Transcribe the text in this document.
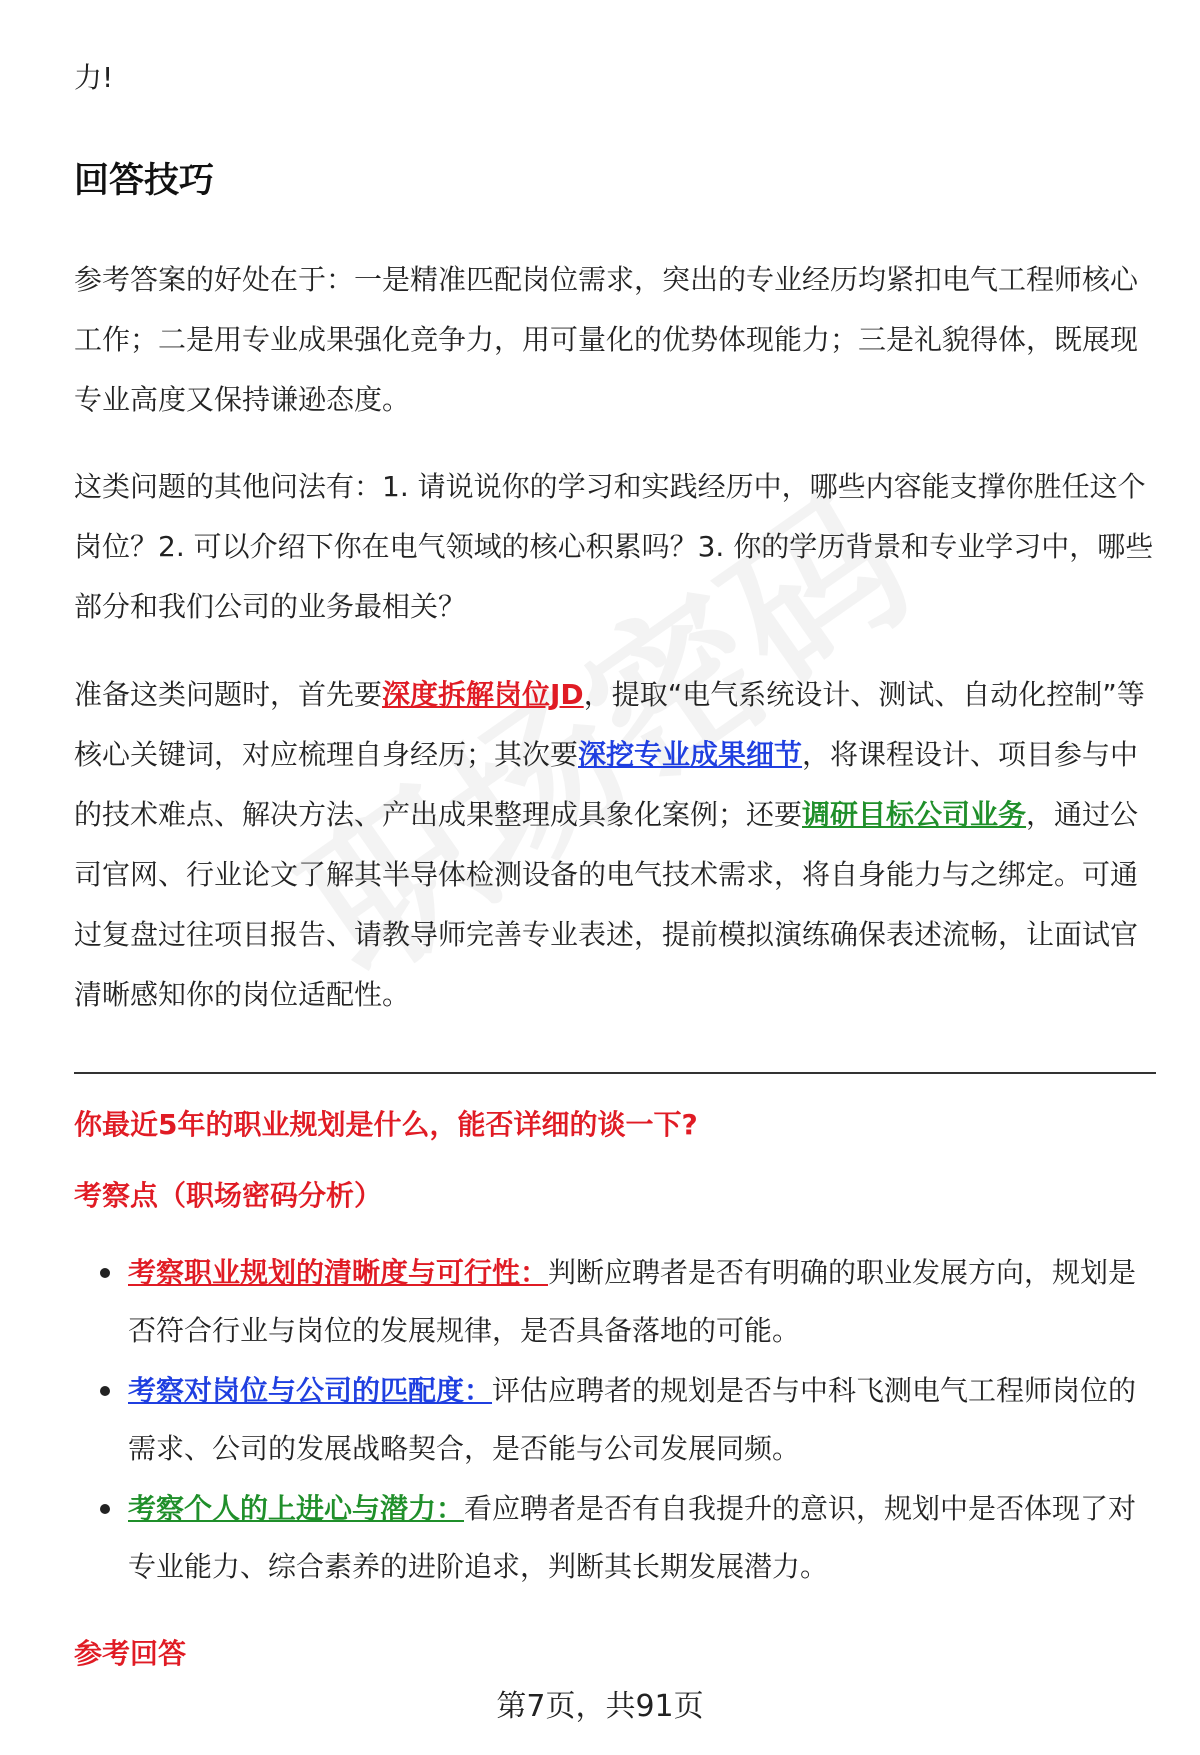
力!
回答技巧

参考答案的好处在于：一是精准匹配岗位需求，突出的专业经历均紧扣电气工程师核心工作；二是用专业成果强化竞争力，用可量化的优势体现能力；三是礼貌得体，既展现专业高度又保持谦逊态度。

这类问题的其他问法有：1. 请说说你的学习和实践经历中，哪些内容能支撑你胜任这个岗位？2. 可以介绍下你在电气领域的核心积累吗？3. 你的学历背景和专业学习中，哪些部分和我们公司的业务最相关？

准备这类问题时，首先要深度拆解岗位JD，提取“电气系统设计、测试、自动化控制”等核心关键词，对应梳理自身经历；其次要深挖专业成果细节，将课程设计、项目参与中的技术难点、解决方法、产出成果整理成具象化案例；还要调研目标公司业务，通过公司官网、行业论文了解其半导体检测设备的电气技术需求，将自身能力与之绑定。可通过复盘过往项目报告、请教导师完善专业表述，提前模拟演练确保表述流畅，让面试官清晰感知你的岗位适配性。

你最近5年的职业规划是什么，能否详细的谈一下?
考察点（职场密码分析）
考察职业规划的清晰度与可行性：判断应聘者是否有明确的职业发展方向，规划是否符合行业与岗位的发展规律，是否具备落地的可能。
考察对岗位与公司的匹配度：评估应聘者的规划是否与中科飞测电气工程师岗位的需求、公司的发展战略契合，是否能与公司发展同频。
考察个人的上进心与潜力：看应聘者是否有自我提升的意识，规划中是否体现了对专业能力、综合素养的进阶追求，判断其长期发展潜力。
参考回答
第7页，共91页
